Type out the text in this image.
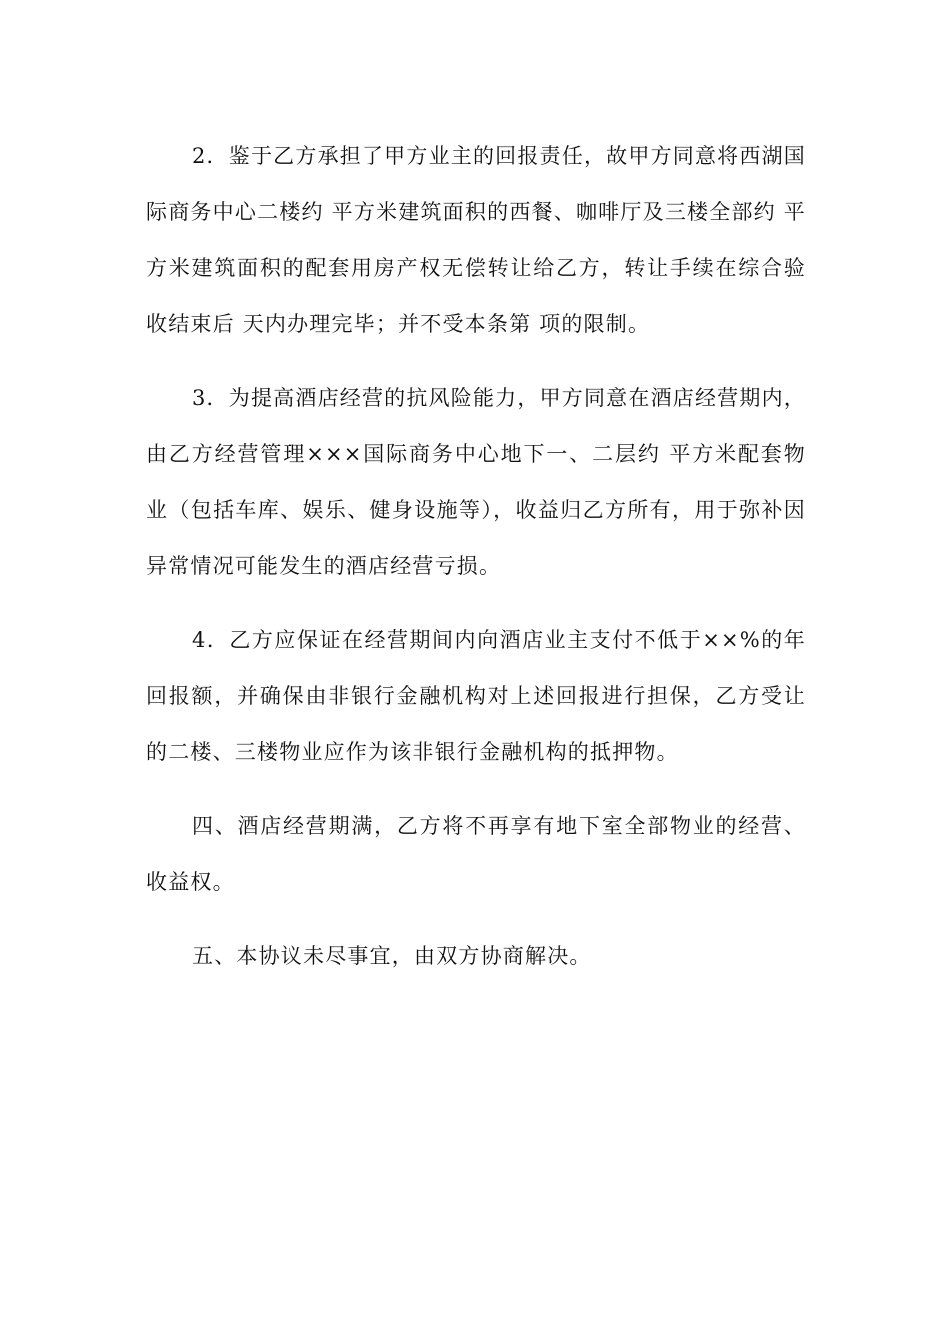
2．鉴于乙方承担了甲方业主的回报责任，故甲方同意将西湖国际商务中心二楼约 平方米建筑面积的西餐、咖啡厅及三楼全部约 平方米建筑面积的配套用房产权无偿转让给乙方，转让手续在综合验收结束后 天内办理完毕；并不受本条第 项的限制。

3．为提高酒店经营的抗风险能力，甲方同意在酒店经营期内，由乙方经营管理×××国际商务中心地下一、二层约 平方米配套物业（包括车库、娱乐、健身设施等），收益归乙方所有，用于弥补因异常情况可能发生的酒店经营亏损。

4．乙方应保证在经营期间内向酒店业主支付不低于××%的年回报额，并确保由非银行金融机构对上述回报进行担保，乙方受让的二楼、三楼物业应作为该非银行金融机构的抵押物。

四、酒店经营期满，乙方将不再享有地下室全部物业的经营、收益权。

五、本协议未尽事宜，由双方协商解决。
